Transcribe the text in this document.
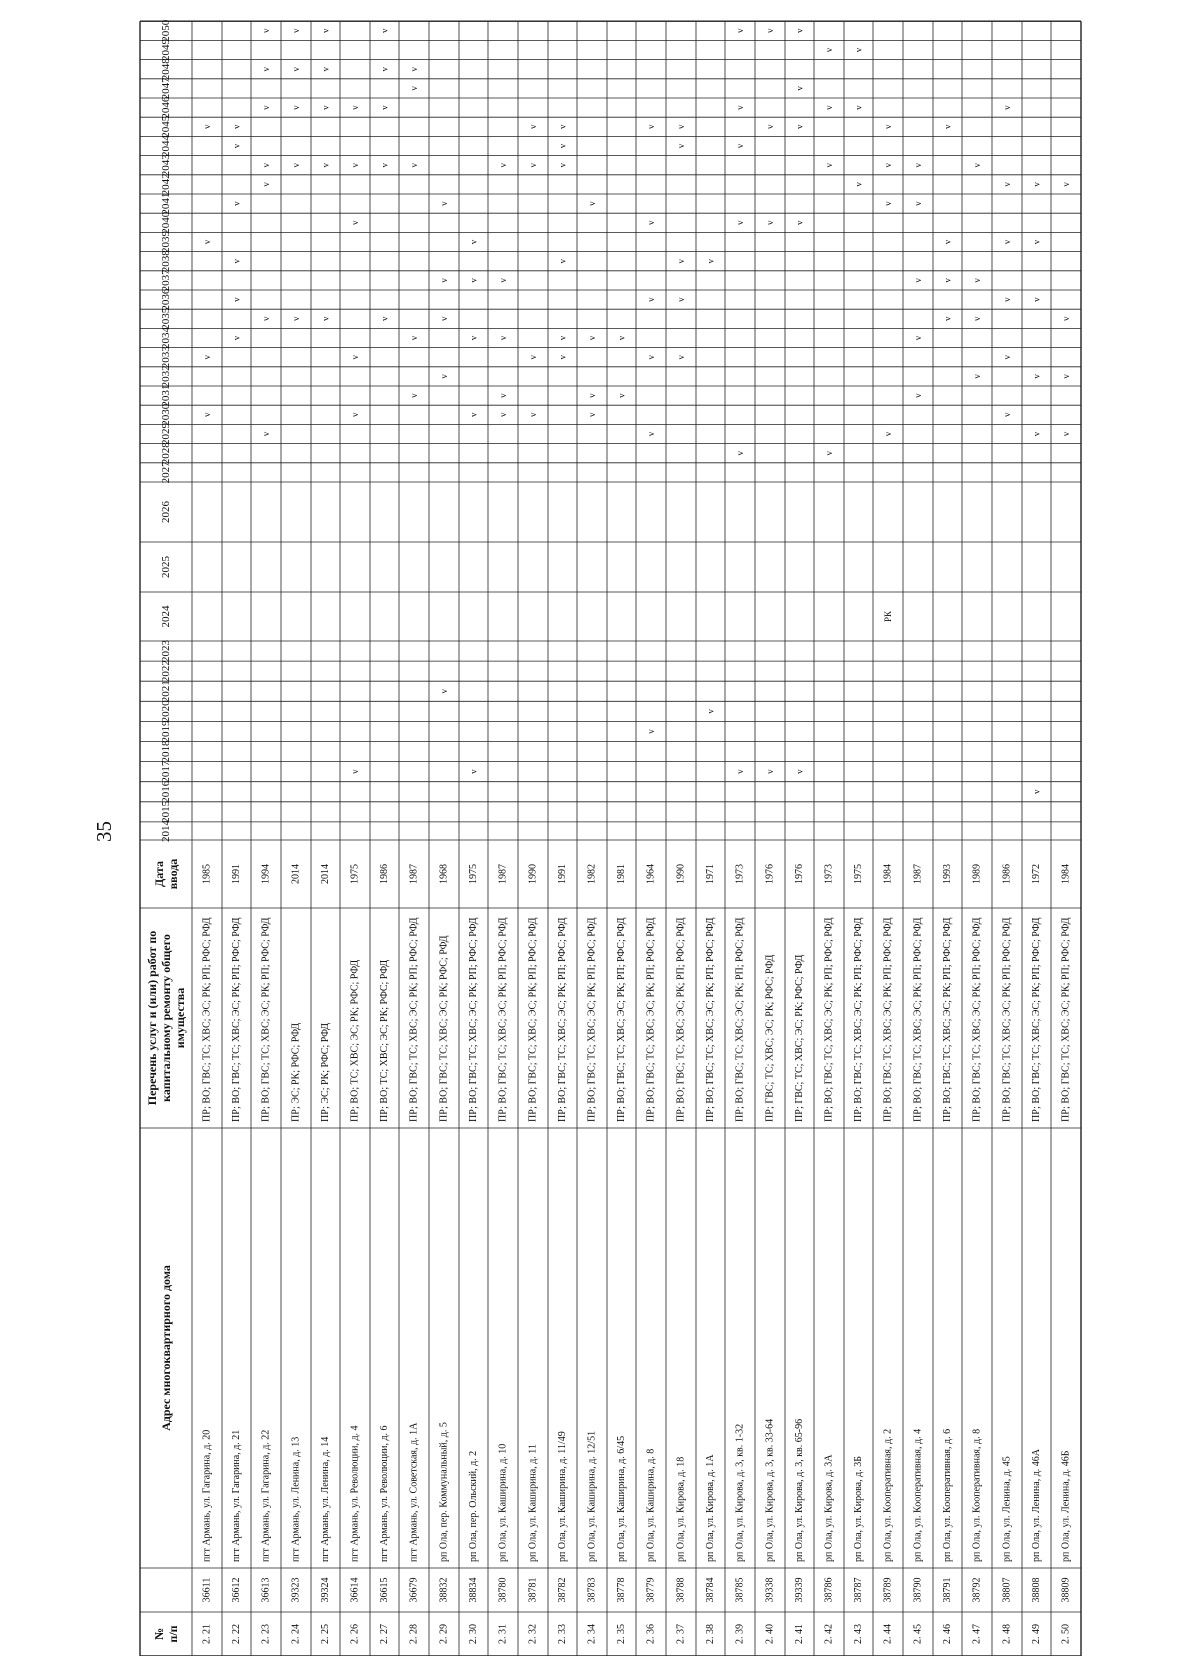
35
№ п/п
Адрес многоквартирного дома
Перечень услуг и (или) работ по капитальному ремонту общего имущества
Дата ввода
2014
2015
2016
2017
2018
2019
2020
2021
2022
2023
2024
2025
2026
2027
2028
2029
2030
2031
2032
2033
2034
2035
2036
2037
2038
2039
2040
2041
2042
2043
2044
2045
2046
2047
2048
2049
2050
2. 21
36611
пгт Армань, ул. Гагарина, д. 20
ПР; ВО; ГВС; ТС; ХВС; ЭС; РК; РП; РФС; РФД
1985
v
v
v
v
2. 22
36612
пгт Армань, ул. Гагарина, д. 21
ПР; ВО; ГВС; ТС; ХВС; ЭС; РК; РП; РФС; РФД
1991
v
v
v
v
v
v
2. 23
36613
пгт Армань, ул. Гагарина, д. 22
ПР; ВО; ГВС; ТС; ХВС; ЭС; РК; РП; РФС; РФД
1994
v
v
v
v
v
v
v
2. 24
39323
пгт Армань, ул. Ленина, д. 13
ПР; ЭС; РК; РФС; РФД
2014
v
v
v
v
v
2. 25
39324
пгт Армань, ул. Ленина, д. 14
ПР; ЭС; РК; РФС; РФД
2014
v
v
v
v
v
2. 26
36614
пгт Армань, ул. Революции, д. 4
ПР; ВО; ТС; ХВС; ЭС; РК; РФС; РФД
1975
v
v
v
v
v
v
2. 27
36615
пгт Армань, ул. Революции, д. 6
ПР; ВО; ТС; ХВС; ЭС; РК; РФС; РФД
1986
v
v
v
v
v
2. 28
36679
пгт Армань, ул. Советская, д. 1А
ПР; ВО; ГВС; ТС; ХВС; ЭС; РК; РП; РФС; РФД
1987
v
v
v
v
v
2. 29
38832
рп Ола, пер. Коммунальный, д. 5
ПР; ВО; ГВС; ТС; ХВС; ЭС; РК; РФС; РФД
1968
v
v
v
v
v
2. 30
38834
рп Ола, пер. Ольский, д. 2
ПР; ВО; ГВС; ТС; ХВС; ЭС; РК; РП; РФС; РФД
1975
v
v
v
v
v
2. 31
38780
рп Ола, ул. Каширина, д. 10
ПР; ВО; ГВС; ТС; ХВС; ЭС; РК; РП; РФС; РФД
1987
v
v
v
v
v
2. 32
38781
рп Ола, ул. Каширина, д. 11
ПР; ВО; ГВС; ТС; ХВС; ЭС; РК; РП; РФС; РФД
1990
v
v
v
v
2. 33
38782
рп Ола, ул. Каширина, д. 11/49
ПР; ВО; ГВС; ТС; ХВС; ЭС; РК; РП; РФС; РФД
1991
v
v
v
v
v
v
2. 34
38783
рп Ола, ул. Каширина, д. 12/51
ПР; ВО; ГВС; ТС; ХВС; ЭС; РК; РП; РФС; РФД
1982
v
v
v
v
2. 35
38778
рп Ола, ул. Каширина, д. 6/45
ПР; ВО; ГВС; ТС; ХВС; ЭС; РК; РП; РФС; РФД
1981
v
v
2. 36
38779
рп Ола, ул. Каширина, д. 8
ПР; ВО; ГВС; ТС; ХВС; ЭС; РК; РП; РФС; РФД
1964
v
v
v
v
v
v
2. 37
38788
рп Ола, ул. Кирова, д. 18
ПР; ВО; ГВС; ТС; ХВС; ЭС; РК; РП; РФС; РФД
1990
v
v
v
v
v
2. 38
38784
рп Ола, ул. Кирова, д. 1А
ПР; ВО; ГВС; ТС; ХВС; ЭС; РК; РП; РФС; РФД
1971
v
v
2. 39
38785
рп Ола, ул. Кирова, д. 3, кв. 1-32
ПР; ВО; ГВС; ТС; ХВС; ЭС; РК; РП; РФС; РФД
1973
v
v
v
v
v
v
2. 40
39338
рп Ола, ул. Кирова, д. 3, кв. 33-64
ПР; ГВС; ТС; ХВС; ЭС; РК; РФС; РФД
1976
v
v
v
v
2. 41
39339
рп Ола, ул. Кирова, д. 3, кв. 65-96
ПР; ГВС; ТС; ХВС; ЭС; РК; РФС; РФД
1976
v
v
v
v
v
2. 42
38786
рп Ола, ул. Кирова, д. 3А
ПР; ВО; ГВС; ТС; ХВС; ЭС; РК; РП; РФС; РФД
1973
v
v
v
v
2. 43
38787
рп Ола, ул. Кирова, д. 3Б
ПР; ВО; ГВС; ТС; ХВС; ЭС; РК; РП; РФС; РФД
1975
v
v
v
2. 44
38789
рп Ола, ул. Кооперативная, д. 2
ПР; ВО; ГВС; ТС; ХВС; ЭС; РК; РП; РФС; РФД
1984
РК
v
v
v
v
2. 45
38790
рп Ола, ул. Кооперативная, д. 4
ПР; ВО; ГВС; ТС; ХВС; ЭС; РК; РП; РФС; РФД
1987
v
v
v
v
v
2. 46
38791
рп Ола, ул. Кооперативная, д. 6
ПР; ВО; ГВС; ТС; ХВС; ЭС; РК; РП; РФС; РФД
1993
v
v
v
v
2. 47
38792
рп Ола, ул. Кооперативная, д. 8
ПР; ВО; ГВС; ТС; ХВС; ЭС; РК; РП; РФС; РФД
1989
v
v
v
v
2. 48
38807
рп Ола, ул. Ленина, д. 45
ПР; ВО; ГВС; ТС; ХВС; ЭС; РК; РП; РФС; РФД
1986
v
v
v
v
v
v
2. 49
38808
рп Ола, ул. Ленина, д. 46А
ПР; ВО; ГВС; ТС; ХВС; ЭС; РК; РП; РФС; РФД
1972
v
v
v
v
v
v
2. 50
38809
рп Ола, ул. Ленина, д. 46Б
ПР; ВО; ГВС; ТС; ХВС; ЭС; РК; РП; РФС; РФД
1984
v
v
v
v
